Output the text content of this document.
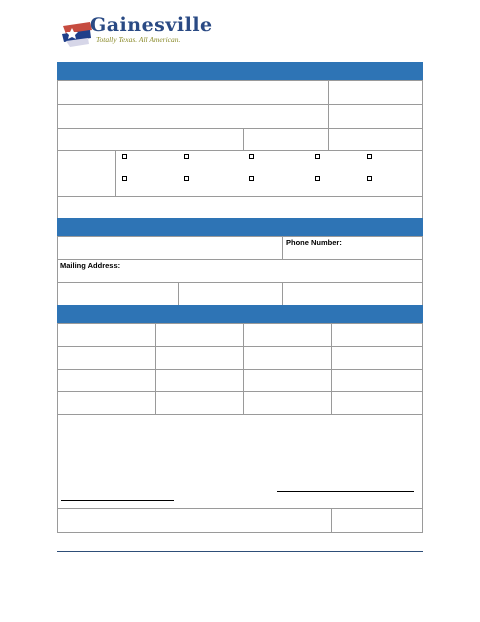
Gainesville
Totally Texas. All American.
Phone Number:
Mailing Address:
